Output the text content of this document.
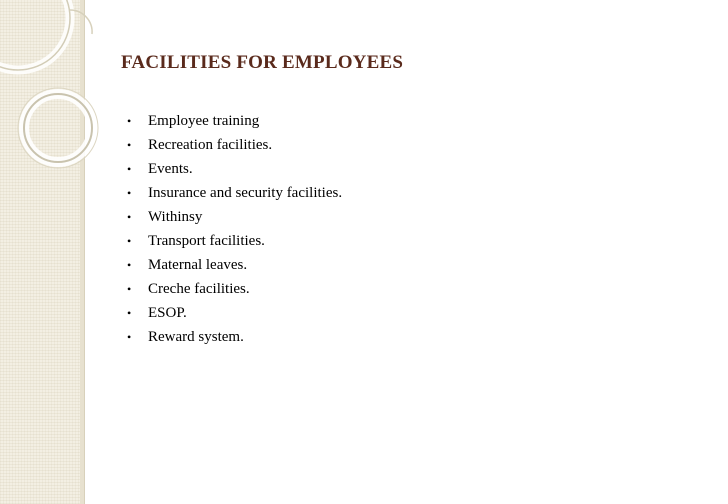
FACILITIES FOR EMPLOYEES
•	Employee training
•	Recreation facilities.
•	Events.
•	Insurance and security facilities.
•	Withinsy
•	Transport facilities.
•	Maternal leaves.
•	Creche facilities.
•	ESOP.
•	Reward system.
